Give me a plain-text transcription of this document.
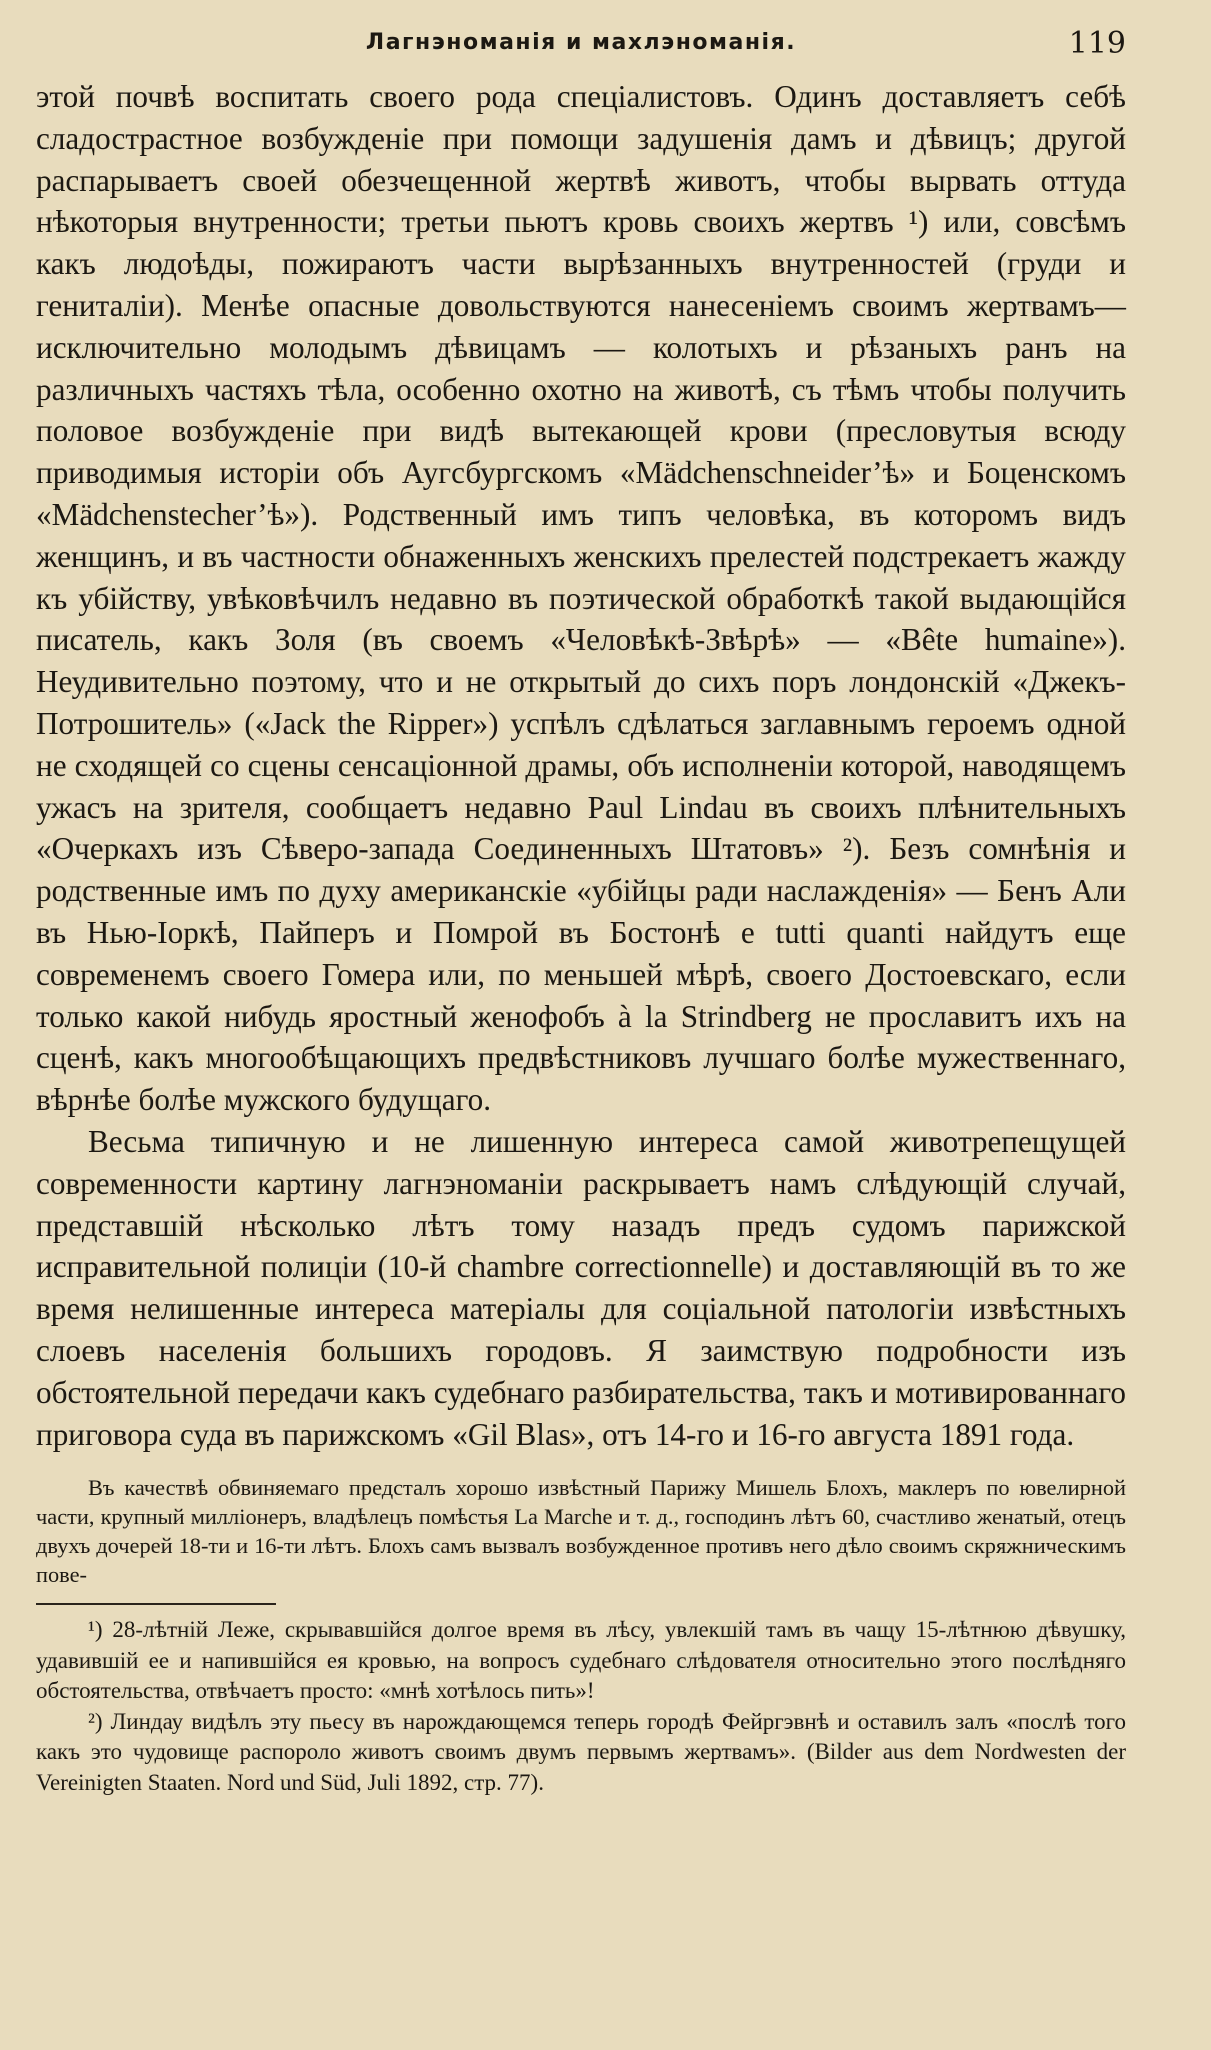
Лагнэноманія и махлэноманія.	119

этой почвѣ воспитать своего рода спеціалистовъ. Одинъ доставляетъ себѣ сладострастное возбужденіе при помощи задушенія дамъ и дѣвицъ; другой распарываетъ своей обезчещенной жертвѣ животъ, чтобы вырвать оттуда нѣкоторыя внутренности; третьи пьютъ кровь своихъ жертвъ ¹) или, совсѣмъ какъ людоѣды, пожираютъ части вырѣзанныхъ внутренностей (груди и гениталіи). Менѣе опасные довольствуются нанесеніемъ своимъ жертвамъ—исключительно молодымъ дѣвицамъ — колотыхъ и рѣзаныхъ ранъ на различныхъ частяхъ тѣла, особенно охотно на животѣ, съ тѣмъ чтобы получить половое возбужденіе при видѣ вытекающей крови (пресловутыя всюду приводимыя исторіи объ Аугсбургскомъ «Mädchenschneider’ѣ» и Боценскомъ «Mädchenstecher’ѣ»). Родственный имъ типъ человѣка, въ которомъ видъ женщинъ, и въ частности обнаженныхъ женскихъ прелестей подстрекаетъ жажду къ убійству, увѣковѣчилъ недавно въ поэтической обработкѣ такой выдающійся писатель, какъ Золя (въ своемъ «Человѣкѣ-Звѣрѣ» — «Bête humaine»). Неудивительно поэтому, что и не открытый до сихъ поръ лондонскій «Джекъ-Потрошитель» («Jack the Ripper») успѣлъ сдѣлаться заглавнымъ героемъ одной не сходящей со сцены сенсаціонной драмы, объ исполненіи которой, наводящемъ ужасъ на зрителя, сообщаетъ недавно Paul Lindau въ своихъ плѣнительныхъ «Очеркахъ изъ Сѣверо-запада Соединенныхъ Штатовъ» ²). Безъ сомнѣнія и родственные имъ по духу американскіе «убійцы ради наслажденія» — Бенъ Али въ Нью-Іоркѣ, Пайперъ и Помрой въ Бостонѣ e tutti quanti найдутъ еще современемъ своего Гомера или, по меньшей мѣрѣ, своего Достоевскаго, если только какой нибудь яростный женофобъ à la Strindberg не прославитъ ихъ на сценѣ, какъ многообѣщающихъ предвѣстниковъ лучшаго болѣе мужественнаго, вѣрнѣе болѣе мужского будущаго.

Весьма типичную и не лишенную интереса самой животрепещущей современности картину лагнэноманіи раскрываетъ намъ слѣдующій случай, представшій нѣсколько лѣтъ тому назадъ предъ судомъ парижской исправительной полиціи (10-й chambre correctionnelle) и доставляющій въ то же время нелишенные интереса матеріалы для соціальной патологіи извѣстныхъ слоевъ населенія большихъ городовъ. Я заимствую подробности изъ обстоятельной передачи какъ судебнаго разбирательства, такъ и мотивированнаго приговора суда въ парижскомъ «Gil Blas», отъ 14-го и 16-го августа 1891 года.

Въ качествѣ обвиняемаго предсталъ хорошо извѣстный Парижу Мишель Блохъ, маклеръ по ювелирной части, крупный милліонеръ, владѣлецъ помѣстья La Marche и т. д., господинъ лѣтъ 60, счастливо женатый, отецъ двухъ дочерей 18-ти и 16-ти лѣтъ. Блохъ самъ вызвалъ возбужденное противъ него дѣло своимъ скряжническимъ пове-

¹) 28-лѣтній Леже, скрывавшійся долгое время въ лѣсу, увлекшій тамъ въ чащу 15-лѣтнюю дѣвушку, удавившій ее и напившійся ея кровью, на вопросъ судебнаго слѣдователя относительно этого послѣдняго обстоятельства, отвѣчаетъ просто: «мнѣ хотѣлось пить»!

²) Линдау видѣлъ эту пьесу въ нарождающемся теперь городѣ Фейргэвнѣ и оставилъ залъ «послѣ того какъ это чудовище распороло животъ своимъ двумъ первымъ жертвамъ». (Bilder aus dem Nordwesten der Vereinigten Staaten. Nord und Süd, Juli 1892, стр. 77).
